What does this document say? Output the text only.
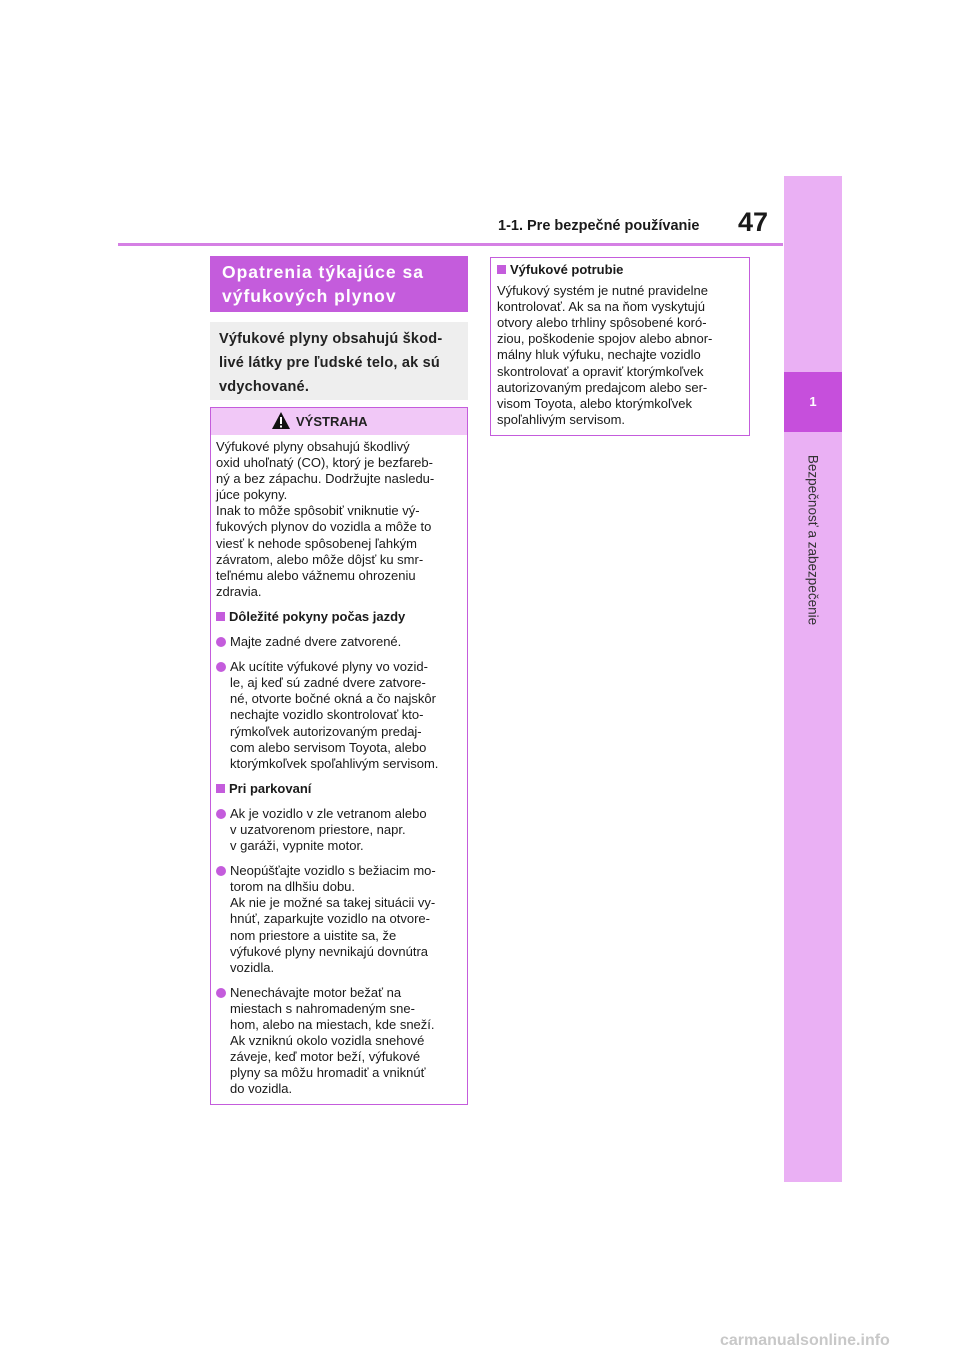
1-1. Pre bezpečné používanie 47
1
Bezpečnosť a zabezpečenie
Opatrenia týkajúce sa výfukových plynov
Výfukové plyny obsahujú škod-livé látky pre ľudské telo, ak sú vdychované.
VÝSTRAHA

Výfukové plyny obsahujú škodlivý
oxid uhoľnatý (CO), ktorý je bezfareb-
ný a bez zápachu. Dodržujte nasledu-
júce pokyny.
Inak to môže spôsobiť vniknutie vý-
fukových plynov do vozidla a môže to
viesť k nehode spôsobenej ľahkým
závratom, alebo môže dôjsť ku smr-
teľnému alebo vážnemu ohrozeniu
zdravia.

Dôležité pokyny počas jazdy
Majte zadné dvere zatvorené.
Ak ucítite výfukové plyny vo vozid-
le, aj keď sú zadné dvere zatvore-
né, otvorte bočné okná a čo najskôr
nechajte vozidlo skontrolovať kto-
rýmkoľvek autorizovaným predaj-
com alebo servisom Toyota, alebo
ktorýmkoľvek spoľahlivým servisom.
Pri parkovaní
Ak je vozidlo v zle vetranom alebo
v uzatvorenom priestore, napr.
v garáži, vypnite motor.
Neopúšťajte vozidlo s bežiacim mo-
torom na dlhšiu dobu.
Ak nie je možné sa takej situácii vy-
hnúť, zaparkujte vozidlo na otvore-
nom priestore a uistite sa, že
výfukové plyny nevnikajú dovnútra
vozidla.
Nenechávajte motor bežať na
miestach s nahromadeným sne-
hom, alebo na miestach, kde sneží.
Ak vzniknú okolo vozidla snehové
záveje, keď motor beží, výfukové
plyny sa môžu hromadiť a vniknúť
do vozidla.
Výfukové potrubie
Výfukový systém je nutné pravidelne
kontrolovať. Ak sa na ňom vyskytujú
otvory alebo trhliny spôsobené koró-
ziou, poškodenie spojov alebo abnor-
málny hluk výfuku, nechajte vozidlo
skontrolovať a opraviť ktorýmkoľvek
autorizovaným predajcom alebo ser-
visom Toyota, alebo ktorýmkoľvek
spoľahlivým servisom.
carmanualsonline.info
